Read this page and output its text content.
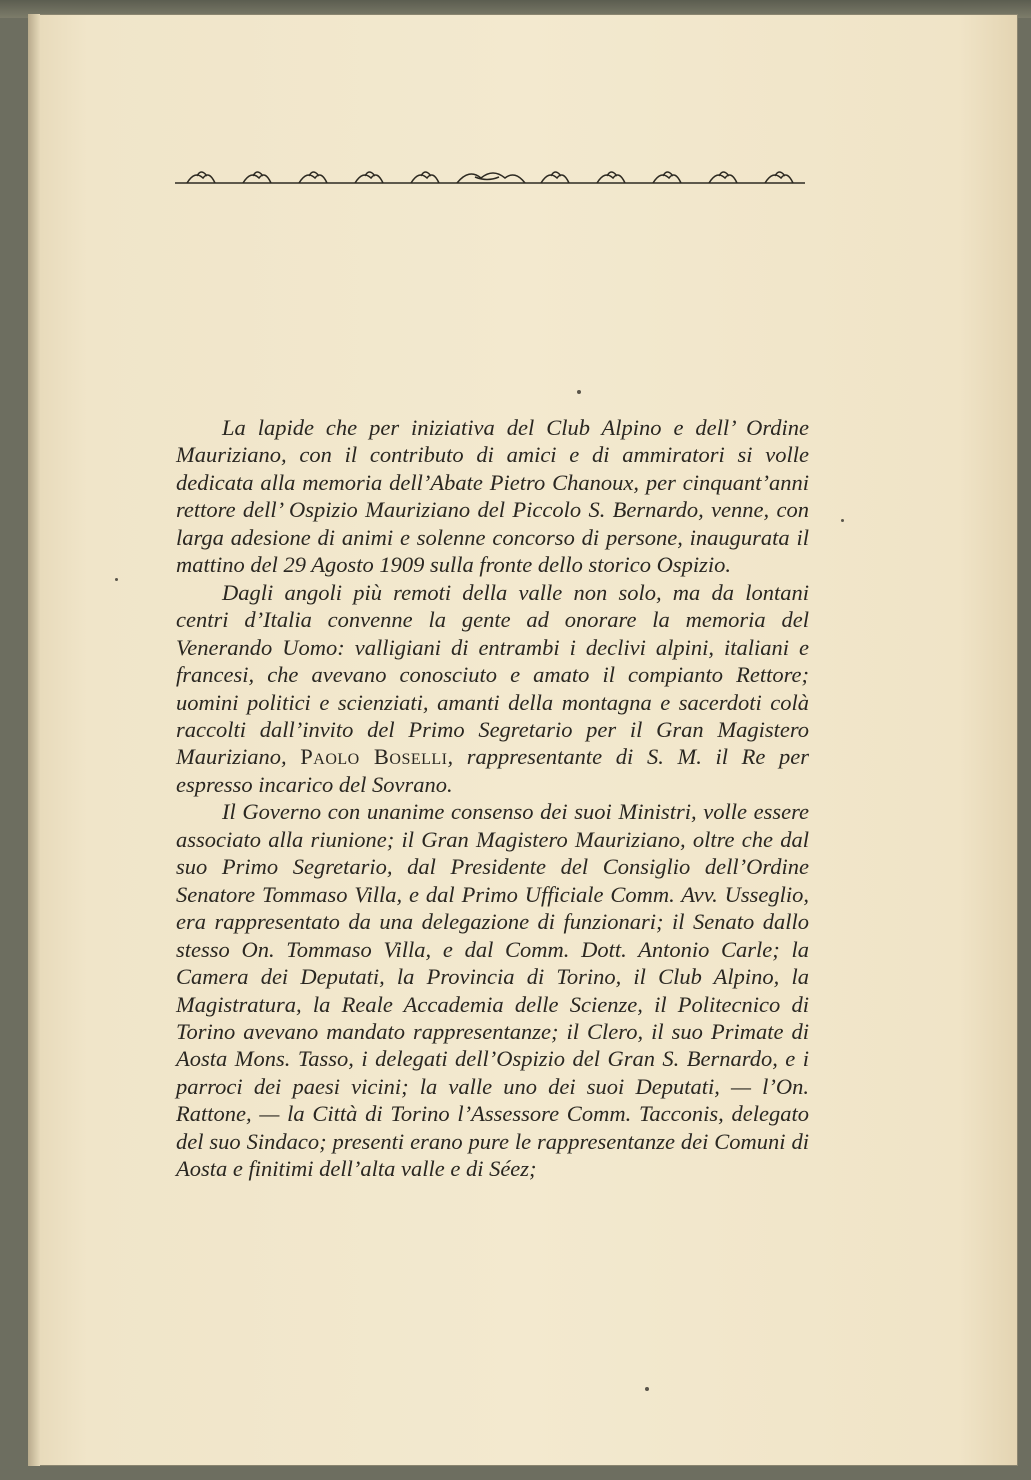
La lapide che per iniziativa del Club Alpino e dell’ Ordine Mauriziano, con il contributo di amici e di ammiratori si volle dedicata alla memoria dell’Abate Pietro Chanoux, per cinquant’anni rettore dell’ Ospizio Mauriziano del Piccolo S. Bernardo, venne, con larga adesione di animi e solenne concorso di persone, inaugurata il mattino del 29 Agosto 1909 sulla fronte dello storico Ospizio.

Dagli angoli più remoti della valle non solo, ma da lontani centri d’Italia convenne la gente ad onorare la memoria del Venerando Uomo: valligiani di entrambi i declivi alpini, italiani e francesi, che avevano conosciuto e amato il compianto Rettore; uomini politici e scienziati, amanti della montagna e sacerdoti colà raccolti dall’invito del Primo Segretario per il Gran Magistero Mauriziano, Paolo Boselli, rappresentante di S. M. il Re per espresso incarico del Sovrano.

Il Governo con unanime consenso dei suoi Ministri, volle essere associato alla riunione; il Gran Magistero Mauriziano, oltre che dal suo Primo Segretario, dal Presidente del Consiglio dell’Ordine Senatore Tommaso Villa, e dal Primo Ufficiale Comm. Avv. Usseglio, era rappresentato da una delegazione di funzionari; il Senato dallo stesso On. Tommaso Villa, e dal Comm. Dott. Antonio Carle; la Camera dei Deputati, la Provincia di Torino, il Club Alpino, la Magistratura, la Reale Accademia delle Scienze, il Politecnico di Torino avevano mandato rappresentanze; il Clero, il suo Primate di Aosta Mons. Tasso, i delegati dell’Ospizio del Gran S. Bernardo, e i parroci dei paesi vicini; la valle uno dei suoi Deputati, — l’On. Rattone, — la Città di Torino l’Assessore Comm. Tacconis, delegato del suo Sindaco; presenti erano pure le rappresentanze dei Comuni di Aosta e finitimi dell’alta valle e di Séez;
